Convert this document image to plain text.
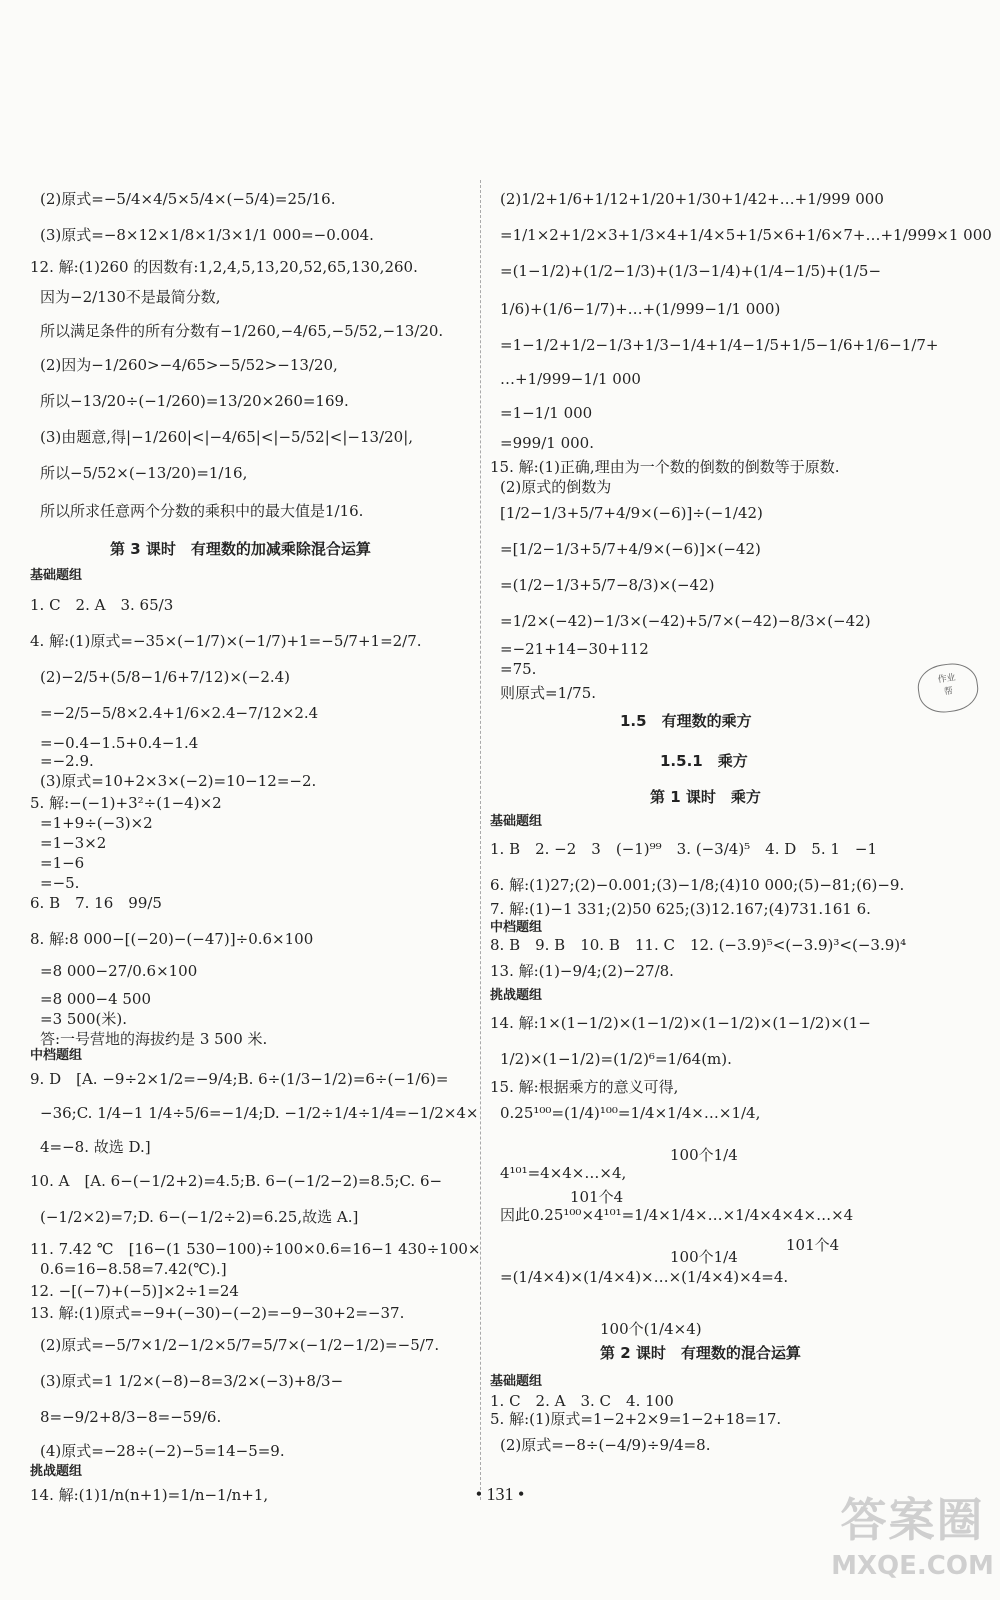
(2)原式=−5/4×4/5×5/4×(−5/4)=25/16.
(3)原式=−8×12×1/8×1/3×1/1 000=−0.004.
12. 解:(1)260 的因数有:1,2,4,5,13,20,52,65,130,260.
因为−2/130不是最简分数,
所以满足条件的所有分数有−1/260,−4/65,−5/52,−13/20.
(2)因为−1/260>−4/65>−5/52>−13/20,
所以−13/20÷(−1/260)=13/20×260=169.
(3)由题意,得|−1/260|<|−4/65|<|−5/52|<|−13/20|,
所以−5/52×(−13/20)=1/16,
所以所求任意两个分数的乘积中的最大值是1/16.
第 3 课时　有理数的加减乘除混合运算
基础题组
1. C　2. A　3. 65/3
4. 解:(1)原式=−35×(−1/7)×(−1/7)+1=−5/7+1=2/7.
(2)−2/5+(5/8−1/6+7/12)×(−2.4)
=−2/5−5/8×2.4+1/6×2.4−7/12×2.4
=−0.4−1.5+0.4−1.4
=−2.9.
(3)原式=10+2×3×(−2)=10−12=−2.
5. 解:−(−1)+3²÷(1−4)×2
=1+9÷(−3)×2
=1−3×2
=1−6
=−5.
6. B　7. 16　99/5
8. 解:8 000−[(−20)−(−47)]÷0.6×100
=8 000−27/0.6×100
=8 000−4 500
=3 500(米).
答:一号营地的海拔约是 3 500 米.
中档题组
9. D　[A. −9÷2×1/2=−9/4;B. 6÷(1/3−1/2)=6÷(−1/6)=
−36;C. 1/4−1 1/4÷5/6=−1/4;D. −1/2÷1/4÷1/4=−1/2×4×
4=−8. 故选 D.]
10. A　[A. 6−(−1/2+2)=4.5;B. 6−(−1/2−2)=8.5;C. 6−
(−1/2×2)=7;D. 6−(−1/2÷2)=6.25,故选 A.]
11. 7.42 ℃　[16−(1 530−100)÷100×0.6=16−1 430÷100×
0.6=16−8.58=7.42(℃).]
12. −[(−7)+(−5)]×2÷1=24
13. 解:(1)原式=−9+(−30)−(−2)=−9−30+2=−37.
(2)原式=−5/7×1/2−1/2×5/7=5/7×(−1/2−1/2)=−5/7.
(3)原式=1 1/2×(−8)−8=3/2×(−3)+8/3−
8=−9/2+8/3−8=−59/6.
(4)原式=−28÷(−2)−5=14−5=9.
挑战题组
14. 解:(1)1/n(n+1)=1/n−1/n+1,
(2)1/2+1/6+1/12+1/20+1/30+1/42+…+1/999 000
=1/1×2+1/2×3+1/3×4+1/4×5+1/5×6+1/6×7+…+1/999×1 000
=(1−1/2)+(1/2−1/3)+(1/3−1/4)+(1/4−1/5)+(1/5−
1/6)+(1/6−1/7)+…+(1/999−1/1 000)
=1−1/2+1/2−1/3+1/3−1/4+1/4−1/5+1/5−1/6+1/6−1/7+
…+1/999−1/1 000
=1−1/1 000
=999/1 000.
15. 解:(1)正确,理由为一个数的倒数的倒数等于原数.
(2)原式的倒数为
[1/2−1/3+5/7+4/9×(−6)]÷(−1/42)
=[1/2−1/3+5/7+4/9×(−6)]×(−42)
=(1/2−1/3+5/7−8/3)×(−42)
=1/2×(−42)−1/3×(−42)+5/7×(−42)−8/3×(−42)
=−21+14−30+112
=75.
则原式=1/75.
1.5　有理数的乘方
1.5.1　乘方
第 1 课时　乘方
基础题组
1. B　2. −2　3　(−1)⁹⁹　3. (−3/4)⁵　4. D　5. 1　−1
6. 解:(1)27;(2)−0.001;(3)−1/8;(4)10 000;(5)−81;(6)−9.
7. 解:(1)−1 331;(2)50 625;(3)12.167;(4)731.161 6.
中档题组
8. B　9. B　10. B　11. C　12. (−3.9)⁵<(−3.9)³<(−3.9)⁴
13. 解:(1)−9/4;(2)−27/8.
挑战题组
14. 解:1×(1−1/2)×(1−1/2)×(1−1/2)×(1−1/2)×(1−
1/2)×(1−1/2)=(1/2)⁶=1/64(m).
15. 解:根据乘方的意义可得,
0.25¹⁰⁰=(1/4)¹⁰⁰=1/4×1/4×…×1/4,
100个1/4
4¹⁰¹=4×4×…×4,
101个4
因此0.25¹⁰⁰×4¹⁰¹=1/4×1/4×…×1/4×4×4×…×4
101个4
100个1/4
=(1/4×4)×(1/4×4)×…×(1/4×4)×4=4.
100个(1/4×4)
第 2 课时　有理数的混合运算
基础题组
1. C　2. A　3. C　4. 100
5. 解:(1)原式=1−2+2×9=1−2+18=17.
(2)原式=−8÷(−4/9)÷9/4=8.
作业
帮
• 131 •	答案圈
MXQE.COM
